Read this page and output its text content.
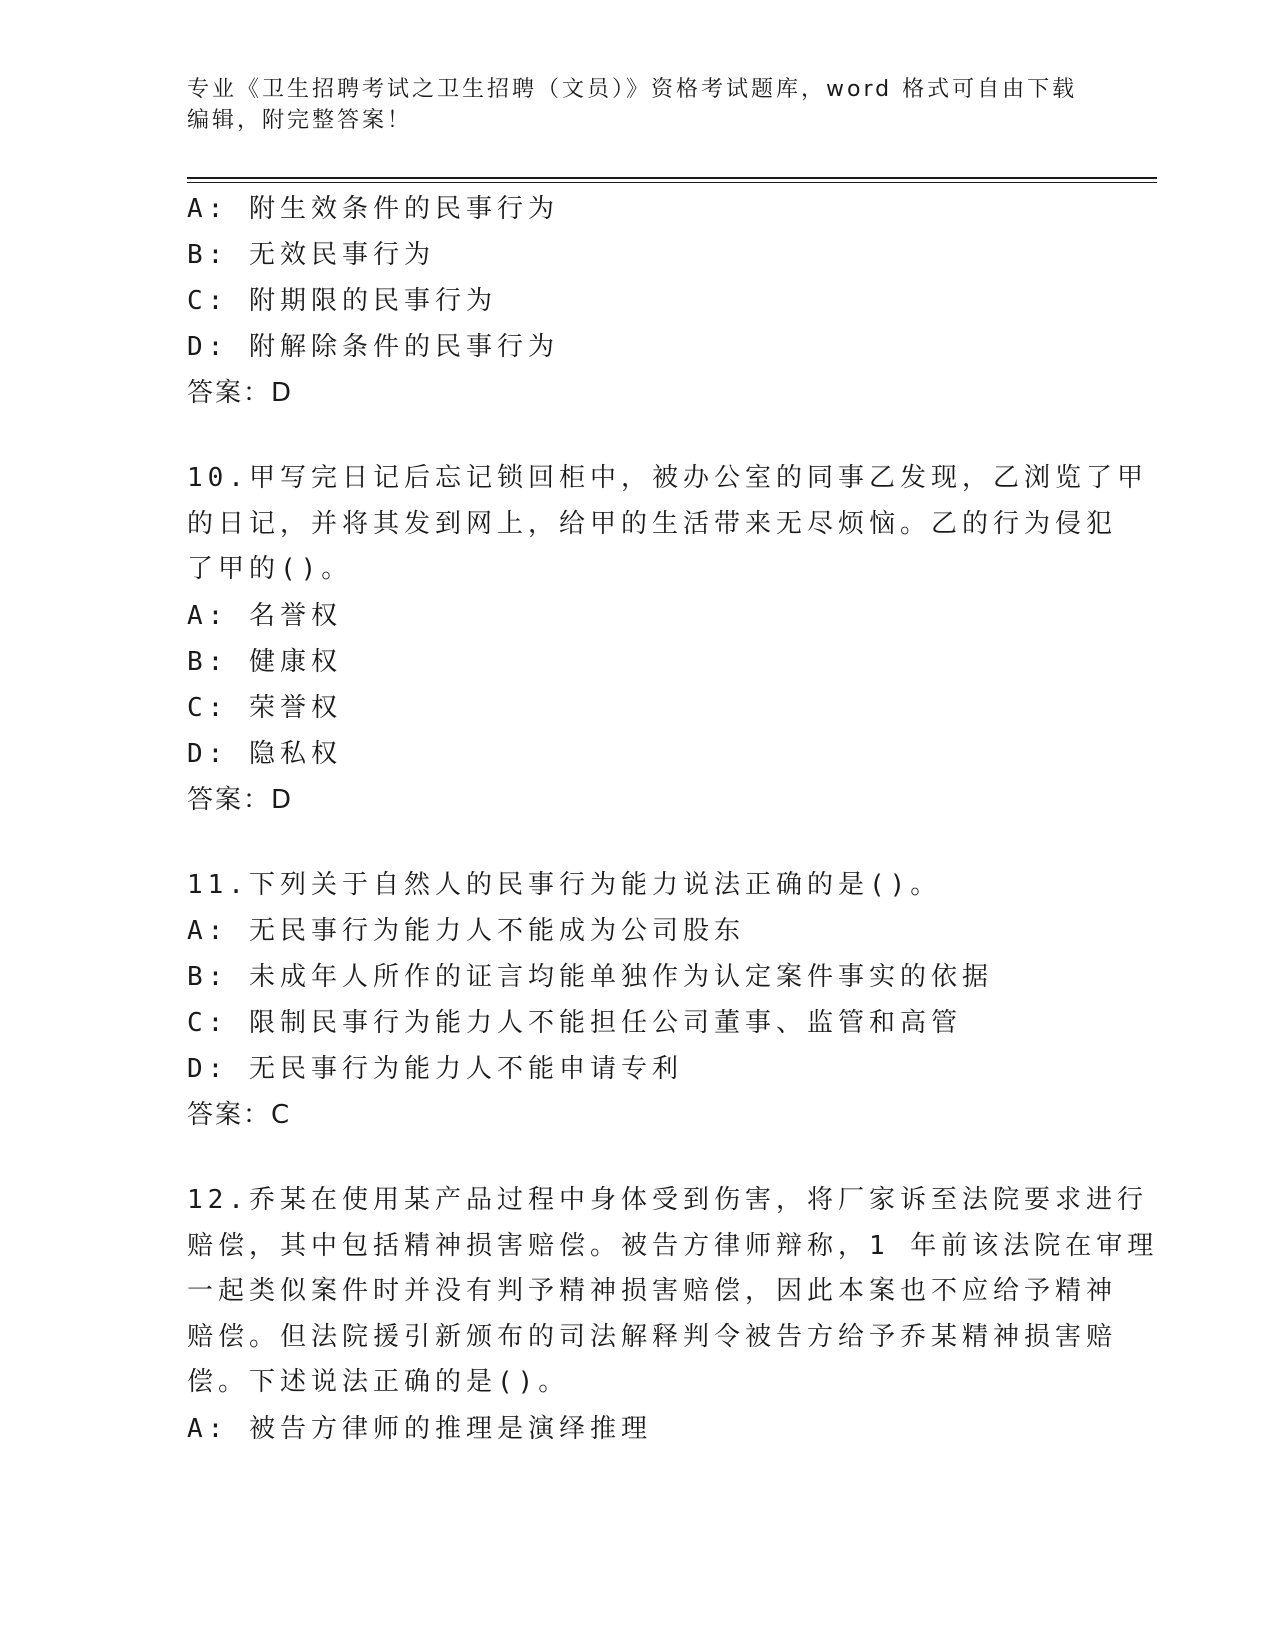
专业《卫生招聘考试之卫生招聘（文员）》资格考试题库，word 格式可自由下载
编辑，附完整答案！
A: 附生效条件的民事行为
B: 无效民事行为
C: 附期限的民事行为
D: 附解除条件的民事行为
答案：D
10.甲写完日记后忘记锁回柜中，被办公室的同事乙发现，乙浏览了甲
的日记，并将其发到网上，给甲的生活带来无尽烦恼。乙的行为侵犯
了甲的()。
A: 名誉权
B: 健康权
C: 荣誉权
D: 隐私权
答案：D
11.下列关于自然人的民事行为能力说法正确的是()。
A: 无民事行为能力人不能成为公司股东
B: 未成年人所作的证言均能单独作为认定案件事实的依据
C: 限制民事行为能力人不能担任公司董事、监管和高管
D: 无民事行为能力人不能申请专利
答案：C
12.乔某在使用某产品过程中身体受到伤害，将厂家诉至法院要求进行
赔偿，其中包括精神损害赔偿。被告方律师辩称，1 年前该法院在审理
一起类似案件时并没有判予精神损害赔偿，因此本案也不应给予精神
赔偿。但法院援引新颁布的司法解释判令被告方给予乔某精神损害赔
偿。下述说法正确的是()。
A: 被告方律师的推理是演绎推理
